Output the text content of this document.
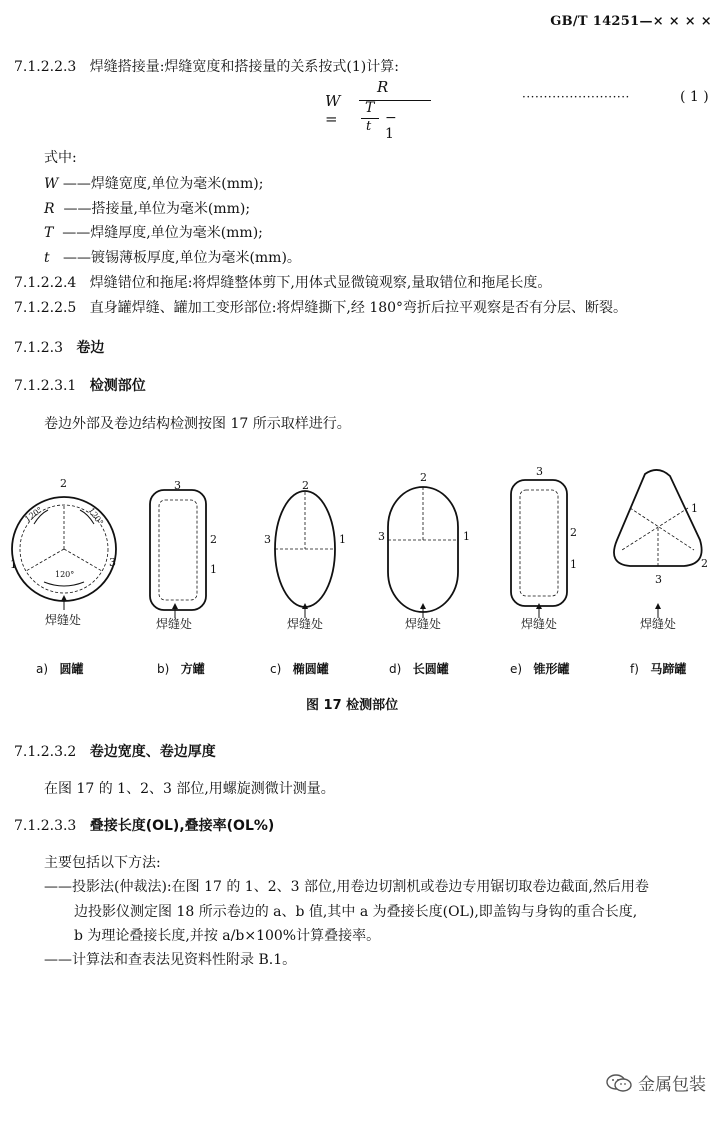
GB/T 14251—× × × ×
7.1.2.2.3 焊缝搭接量:焊缝宽度和搭接量的关系按式(1)计算:
W =
R
T
t
− 1
·························	( 1 )
式中:
W ——焊缝宽度,单位为毫米(mm);
R ——搭接量,单位为毫米(mm);
T ——焊缝厚度,单位为毫米(mm);
t ——镀锡薄板厚度,单位为毫米(mm)。
7.1.2.2.4 焊缝错位和拖尾:将焊缝整体剪下,用体式显微镜观察,量取错位和拖尾长度。
7.1.2.2.5 直身罐焊缝、罐加工变形部位:将焊缝撕下,经 180°弯折后拉平观察是否有分层、断裂。
7.1.2.3 卷边
7.1.2.3.1 检测部位
卷边外部及卷边结构检测按图 17 所示取样进行。
2
1	3
120°	120°
120°
3
2
1
2
3	1
2
3	1
3
2
1
1
2
3
焊缝处	焊缝处	焊缝处	焊缝处	焊缝处	焊缝处
a) 圆罐	b) 方罐	c) 椭圆罐	d) 长圆罐	e) 锥形罐	f) 马蹄罐
图 17 检测部位
7.1.2.3.2 卷边宽度、卷边厚度
在图 17 的 1、2、3 部位,用螺旋测微计测量。
7.1.2.3.3 叠接长度(OL),叠接率(OL%)
主要包括以下方法:
——投影法(仲裁法):在图 17 的 1、2、3 部位,用卷边切割机或卷边专用锯切取卷边截面,然后用卷
边投影仪测定图 18 所示卷边的 a、b 值,其中 a 为叠接长度(OL),即盖钩与身钩的重合长度,
b 为理论叠接长度,并按 a/b×100%计算叠接率。
——计算法和查表法见资料性附录 B.1。
金属包装
